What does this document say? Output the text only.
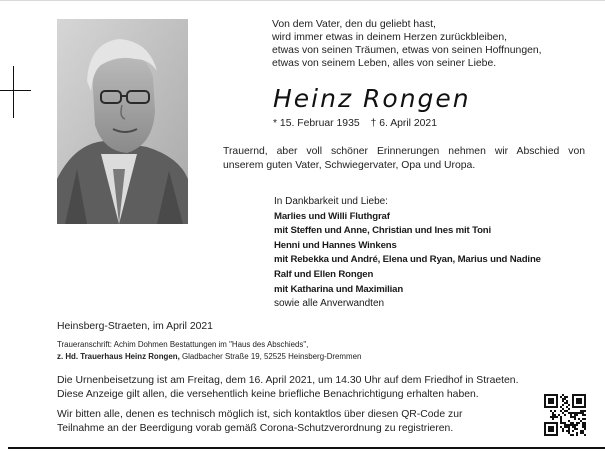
Von dem Vater, den du geliebt hast,
wird immer etwas in deinem Herzen zurückbleiben,
etwas von seinen Träumen, etwas von seinen Hoffnungen,
etwas von seinem Leben, alles von seiner Liebe.
Heinz Rongen
* 15. Februar 1935 † 6. April 2021
Trauernd, aber voll schöner Erinnerungen nehmen wir Abschied von
unserem guten Vater, Schwiegervater, Opa und Uropa.
In Dankbarkeit und Liebe:
Marlies und Willi Fluthgraf
mit Steffen und Anne, Christian und Ines mit Toni
Henni und Hannes Winkens
mit Rebekka und André, Elena und Ryan, Marius und Nadine
Ralf und Ellen Rongen
mit Katharina und Maximilian
sowie alle Anverwandten
Heinsberg-Straeten, im April 2021
Traueranschrift: Achim Dohmen Bestattungen im "Haus des Abschieds",
z. Hd. Trauerhaus Heinz Rongen, Gladbacher Straße 19, 52525 Heinsberg-Dremmen
Die Urnenbeisetzung ist am Freitag, dem 16. April 2021, um 14.30 Uhr auf dem Friedhof in Straeten.
Diese Anzeige gilt allen, die versehentlich keine briefliche Benachrichtigung erhalten haben.
Wir bitten alle, denen es technisch möglich ist, sich kontaktlos über diesen QR-Code zur
Teilnahme an der Beerdigung vorab gemäß Corona-Schutzverordnung zu registrieren.
